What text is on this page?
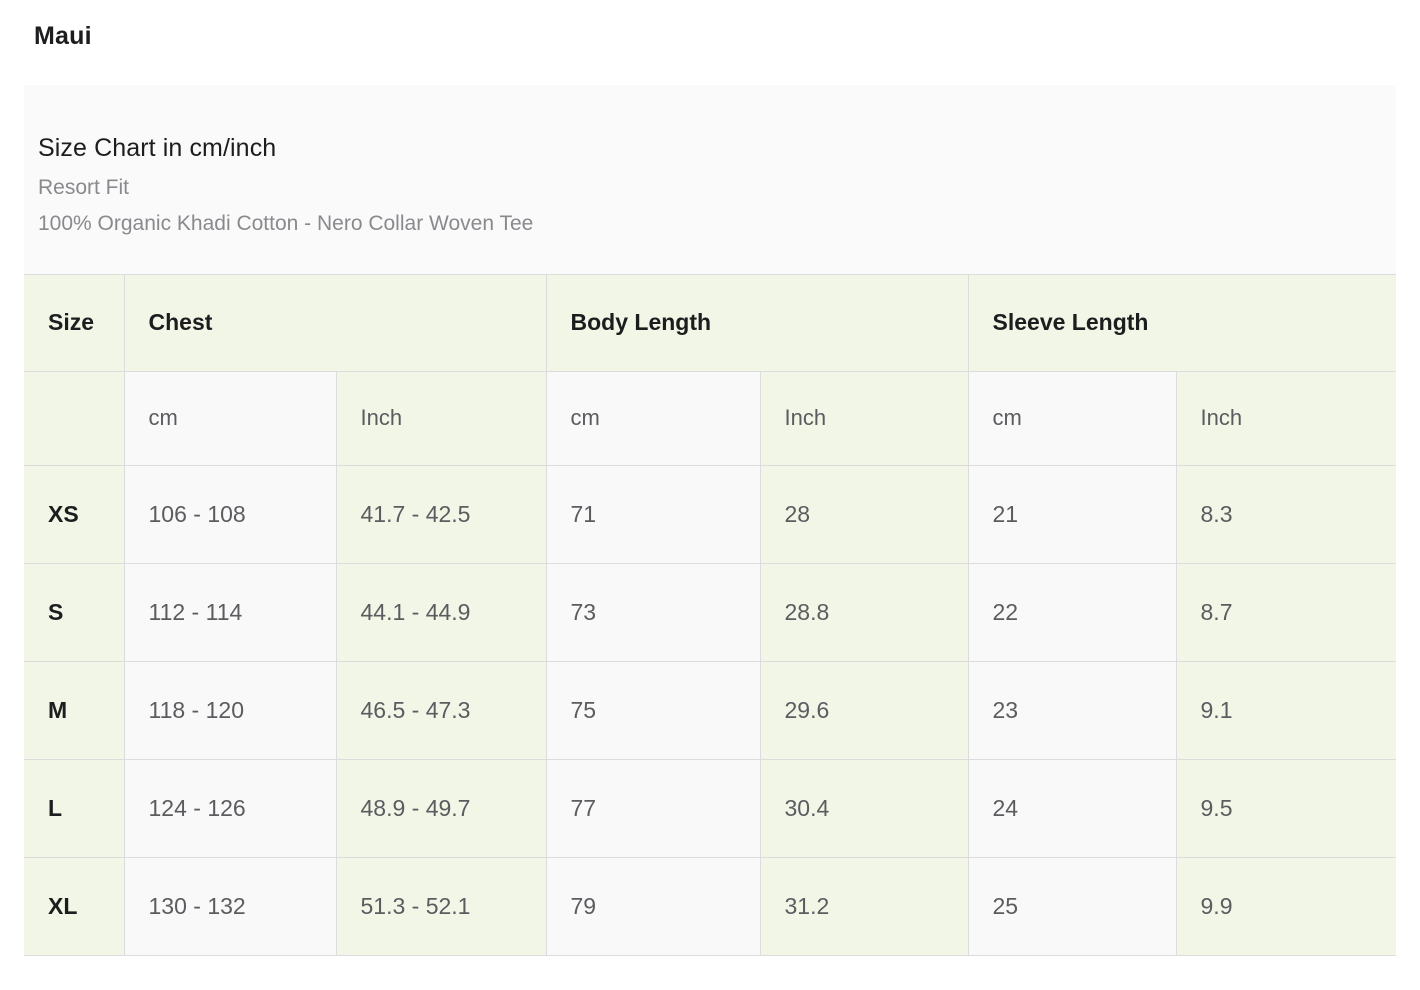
Maui
Size Chart in cm/inch
Resort Fit
100% Organic Khadi Cotton - Nero Collar Woven Tee
Size	Chest		Body Length		Sleeve Length	
	cm	Inch	cm	Inch	cm	Inch
XS	106 - 108	41.7 - 42.5	71	28	21	8.3
S	112 - 114	44.1 - 44.9	73	28.8	22	8.7
M	118 - 120	46.5 - 47.3	75	29.6	23	9.1
L	124 - 126	48.9 - 49.7	77	30.4	24	9.5
XL	130 - 132	51.3 - 52.1	79	31.2	25	9.9
